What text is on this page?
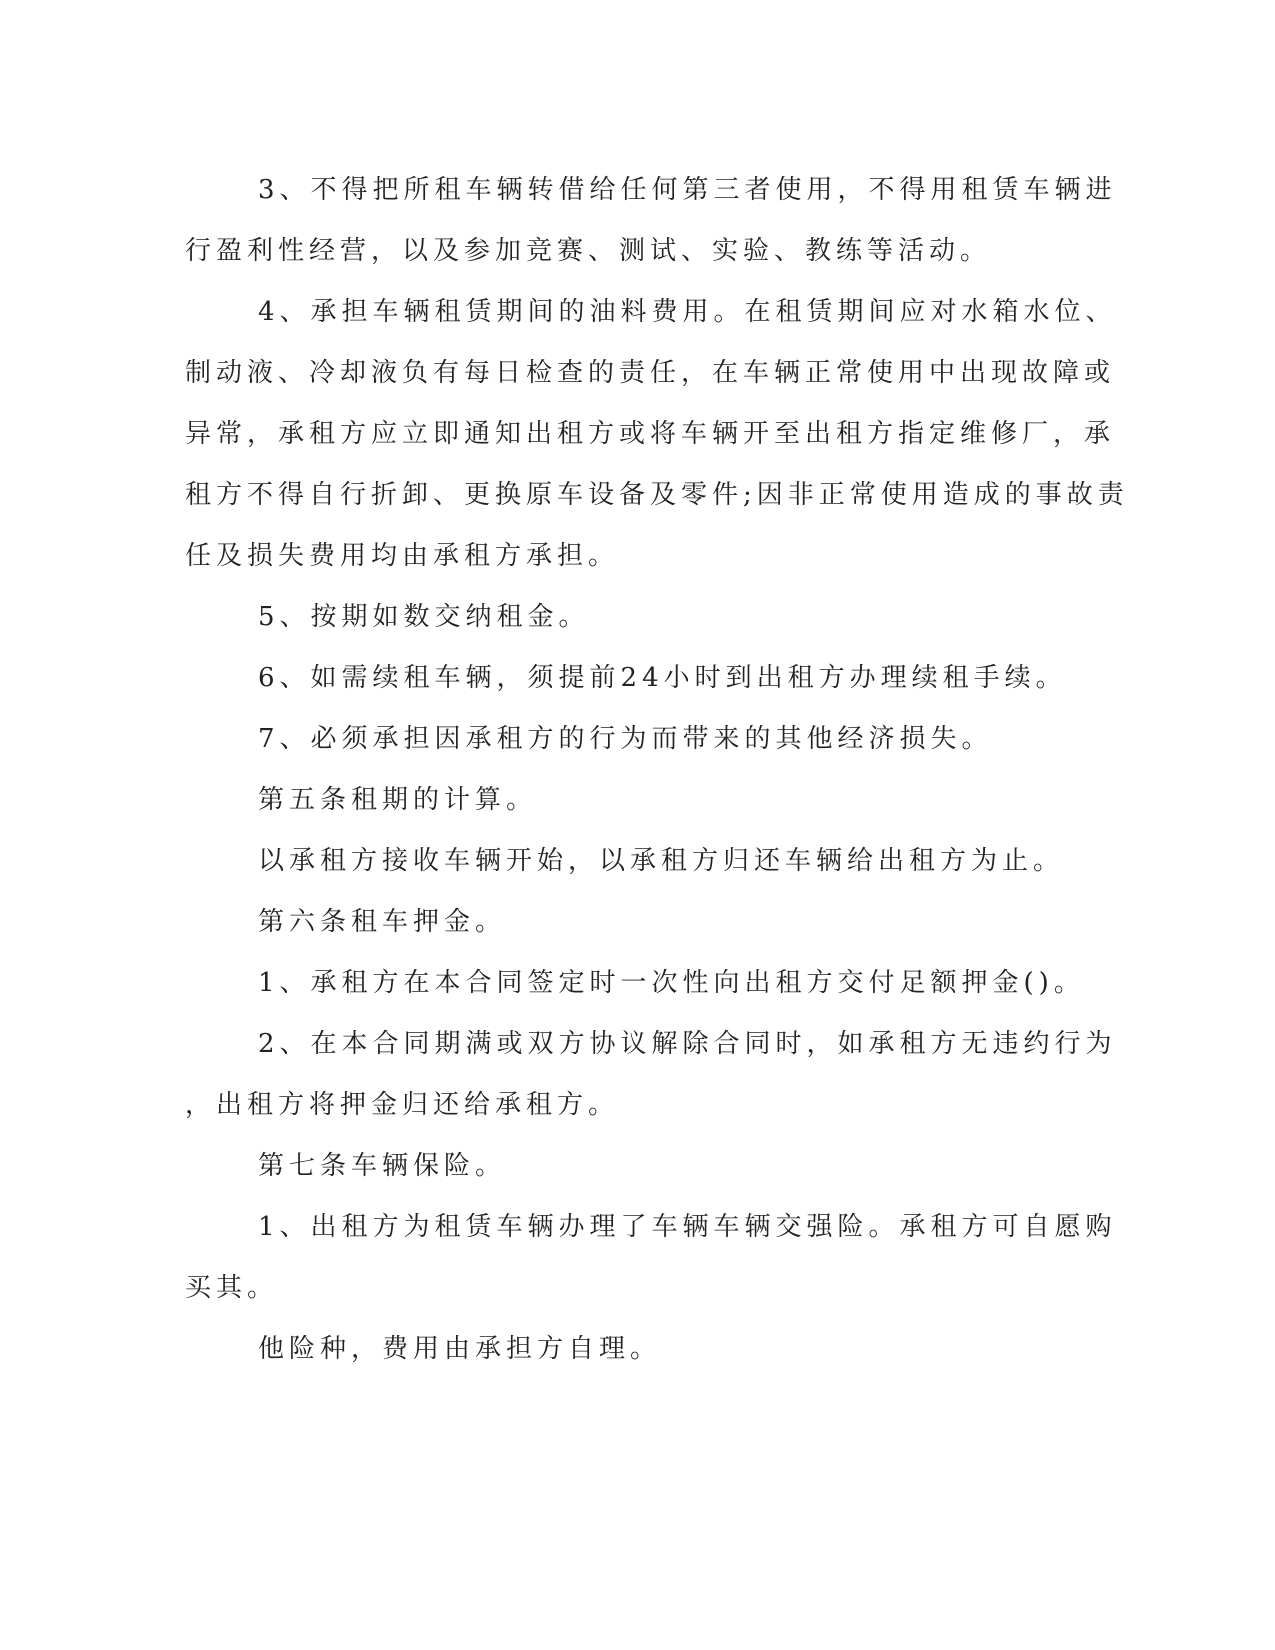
3、不得把所租车辆转借给任何第三者使用，不得用租赁车辆进
行盈利性经营，以及参加竞赛、测试、实验、教练等活动。
4、承担车辆租赁期间的油料费用。在租赁期间应对水箱水位、
制动液、冷却液负有每日检查的责任，在车辆正常使用中出现故障或
异常，承租方应立即通知出租方或将车辆开至出租方指定维修厂，承
租方不得自行折卸、更换原车设备及零件;因非正常使用造成的事故责
任及损失费用均由承租方承担。
5、按期如数交纳租金。
6、如需续租车辆，须提前24小时到出租方办理续租手续。
7、必须承担因承租方的行为而带来的其他经济损失。
第五条租期的计算。
以承租方接收车辆开始，以承租方归还车辆给出租方为止。
第六条租车押金。
1、承租方在本合同签定时一次性向出租方交付足额押金()。
2、在本合同期满或双方协议解除合同时，如承租方无违约行为
，出租方将押金归还给承租方。
第七条车辆保险。
1、出租方为租赁车辆办理了车辆车辆交强险。承租方可自愿购
买其。
他险种，费用由承担方自理。
